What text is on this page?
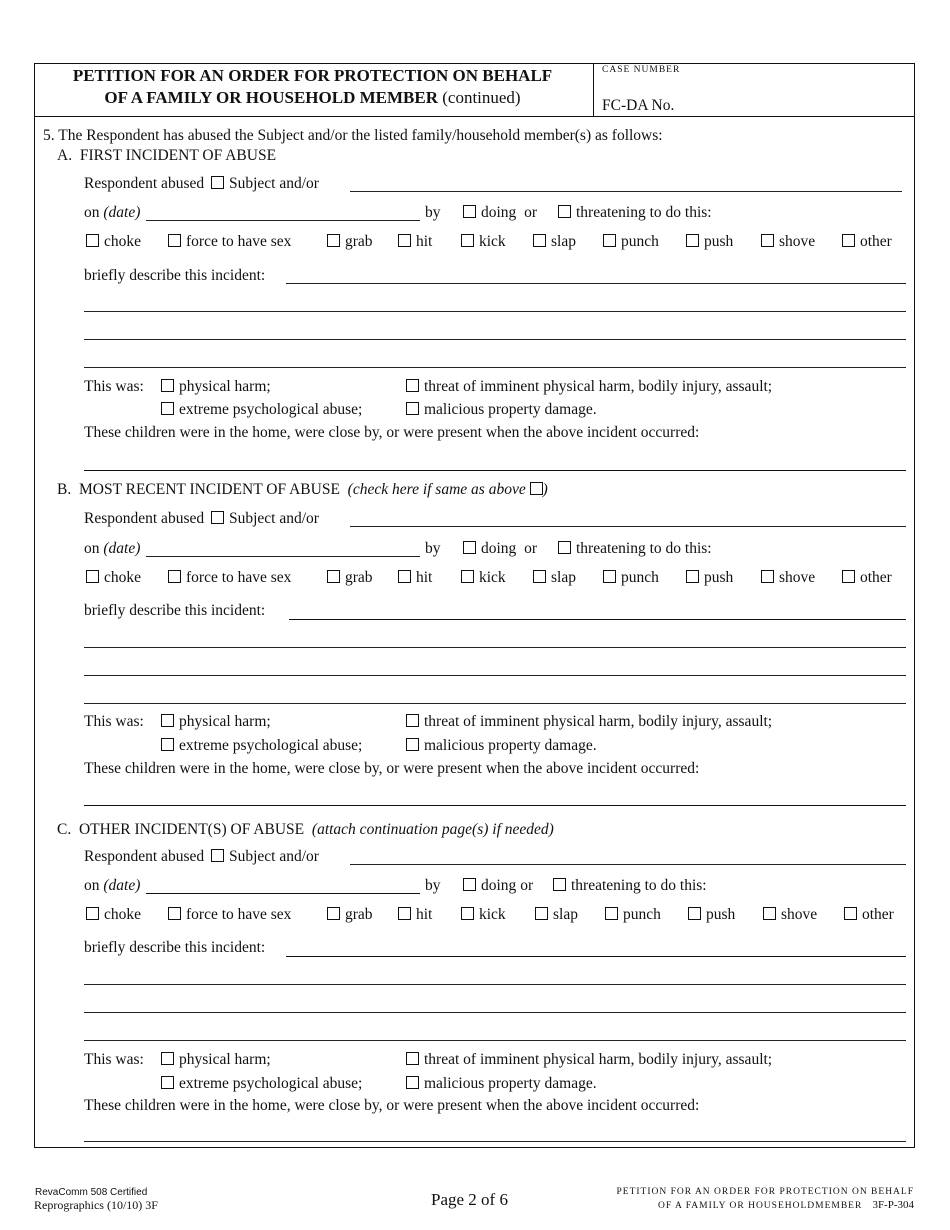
PETITION FOR AN ORDER FOR PROTECTION ON BEHALF
OF A FAMILY OR HOUSEHOLD MEMBER (continued)
CASE NUMBER
FC-DA No.
5. The Respondent has abused the Subject and/or the listed family/household member(s) as follows:
A. FIRST INCIDENT OF ABUSE
Respondent abused Subject and/or
on (date)	by	doing or	threatening to do this:
choke	force to have sex	grab	hit	kick	slap	punch	push	shove	other
briefly describe this incident:
This was:	physical harm;	threat of imminent physical harm, bodily injury, assault;
extreme psychological abuse;	malicious property damage.
These children were in the home, were close by, or were present when the above incident occurred:
B. MOST RECENT INCIDENT OF ABUSE (check here if same as above )
Respondent abused Subject and/or
on (date)	by	doing or	threatening to do this:
choke	force to have sex	grab	hit	kick	slap	punch	push	shove	other
briefly describe this incident:
This was:	physical harm;	threat of imminent physical harm, bodily injury, assault;
extreme psychological abuse;	malicious property damage.
These children were in the home, were close by, or were present when the above incident occurred:
C. OTHER INCIDENT(S) OF ABUSE (attach continuation page(s) if needed)
Respondent abused Subject and/or
on (date)	by	doing or	threatening to do this:
choke	force to have sex	grab	hit	kick	slap	punch	push	shove	other
briefly describe this incident:
This was:	physical harm;	threat of imminent physical harm, bodily injury, assault;
extreme psychological abuse;	malicious property damage.
These children were in the home, were close by, or were present when the above incident occurred:
RevaComm 508 Certified
Reprographics (10/10) 3F	Page 2 of 6	PETITION FOR AN ORDER FOR PROTECTION ON BEHALF
OF A FAMILY OR HOUSEHOLDMEMBER 3F-P-304
